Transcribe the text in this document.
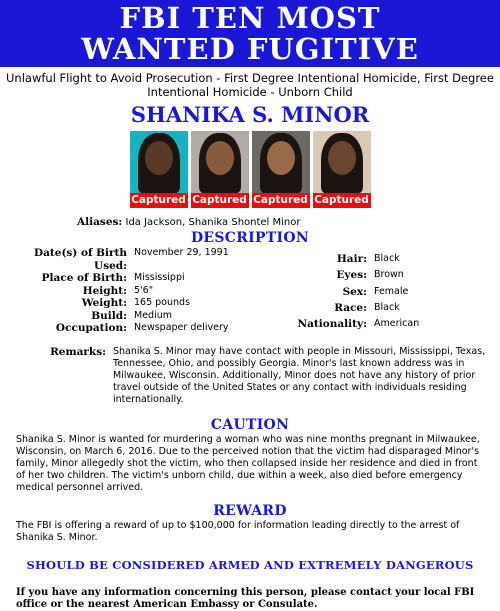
FBI TEN MOST
WANTED FUGITIVE
Unlawful Flight to Avoid Prosecution - First Degree Intentional Homicide, First Degree Intentional Homicide - Unborn Child
SHANIKA S. MINOR
Captured Captured Captured Captured
Aliases: Ida Jackson, Shanika Shontel Minor
DESCRIPTION
Date(s) of Birth Used:
November 29, 1991
Place of Birth: Mississippi
Height: 5'6"
Weight: 165 pounds
Build: Medium
Occupation: Newspaper delivery
Hair: Black
Eyes: Brown
Sex: Female
Race: Black
Nationality: American
Remarks: Shanika S. Minor may have contact with people in Missouri, Mississippi, Texas, Tennessee, Ohio, and possibly Georgia. Minor's last known address was in Milwaukee, Wisconsin. Additionally, Minor does not have any history of prior travel outside of the United States or any contact with individuals residing internationally.
CAUTION

Shanika S. Minor is wanted for murdering a woman who was nine months pregnant in Milwaukee, Wisconsin, on March 6, 2016. Due to the perceived notion that the victim had disparaged Minor's family, Minor allegedly shot the victim, who then collapsed inside her residence and died in front of her two children. The victim's unborn child, due within a week, also died before emergency medical personnel arrived.

REWARD

The FBI is offering a reward of up to $100,000 for information leading directly to the arrest of Shanika S. Minor.

SHOULD BE CONSIDERED ARMED AND EXTREMELY DANGEROUS
If you have any information concerning this person, please contact your local FBI office or the nearest American Embassy or Consulate.
